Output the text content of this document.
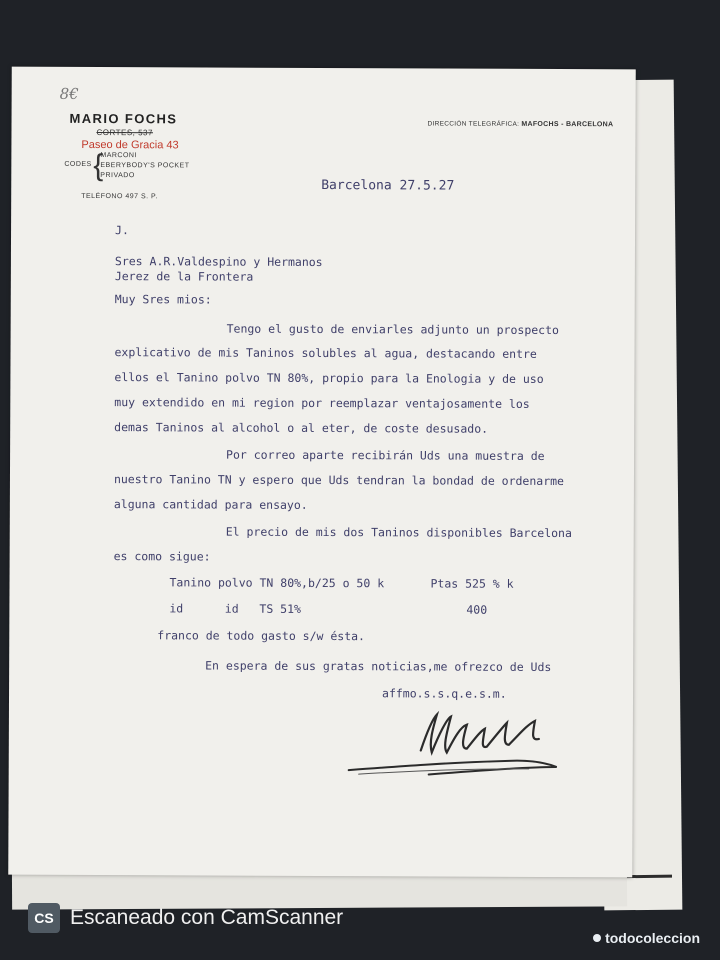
8€
MARIO FOCHS
CORTES, 537
Paseo de Gracia 43
CODES {
MARCONI
EBERYBODY'S POCKET
PRIVADO
TELÉFONO 497 S. P.
DIRECCIÓN TELEGRÁFICA: MAFOCHS - BARCELONA
Barcelona 27.5.27
J.
Sres A.R.Valdespino y Hermanos
Jerez de la Frontera
Muy Sres mios:
Tengo el gusto de enviarles adjunto un prospecto
explicativo de mis Taninos solubles al agua, destacando entre
ellos el Tanino polvo TN 80%, propio para la Enologia y de uso
muy extendido en mi region por reemplazar ventajosamente los
demas Taninos al alcohol o al eter, de coste desusado.
Por correo aparte recibirán Uds una muestra de
nuestro Tanino TN y espero que Uds tendran la bondad de ordenarme
alguna cantidad para ensayo.
El precio de mis dos Taninos disponibles Barcelona
es como sigue:
Tanino polvo TN 80%,b/25 o 50 k	Ptas 525 % k
id      id   TS 51%	400
franco de todo gasto s/w ésta.
En espera de sus gratas noticias,me ofrezco de Uds
affmo.s.s.q.e.s.m.
CS Escaneado con CamScanner
todocoleccion
